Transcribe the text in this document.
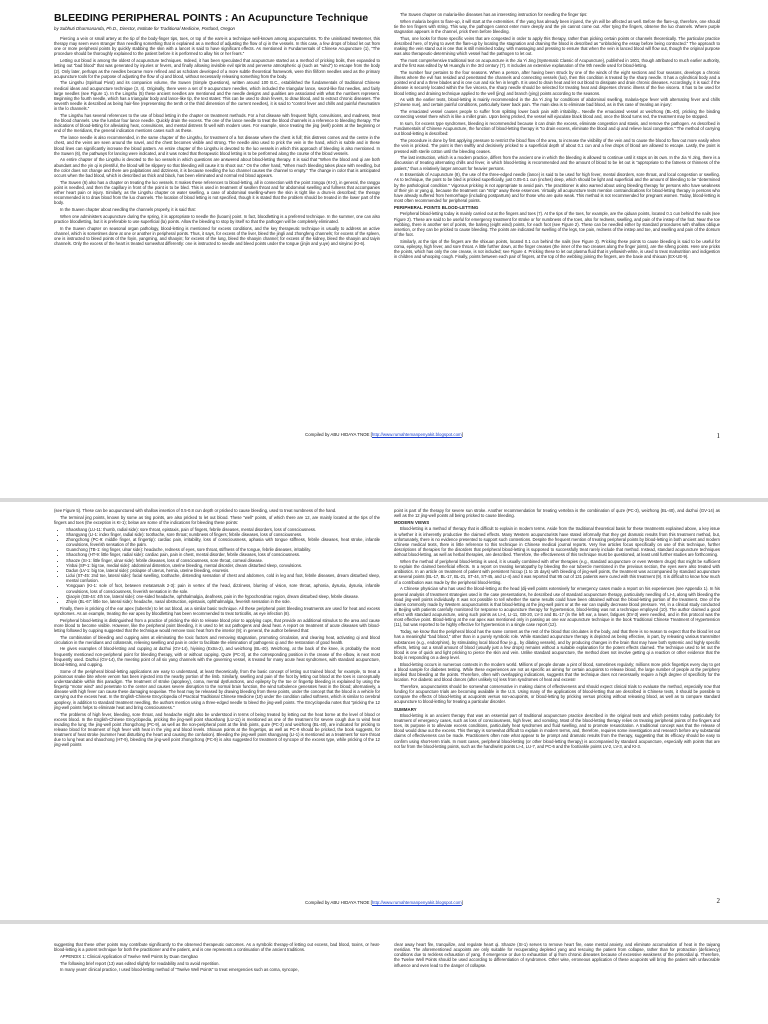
BLEEDING PERIPHERAL POINTS : An Acupuncture Technique
by Subhuti Dharmananda, Ph.D., Director, Institute for Traditional Medicine, Portland, Oregon

Piercing a vein or small artery at the tip of the body-finger tips, toes, or top of the ears-is a technique well-known among acupuncturists. To the uninitiated Westerner, this therapy may seem even stranger than needling something that is explained as a method of adjusting the flow of qi in the vessels. In this case, a few drops of blood let out from one or more peripheral points by quickly stabbing the skin with a lancet is said to have significant effects. As mentioned in Fundamentals of Chinese Acupuncture (1), "The procedure should be thoroughly explained to the patient before it is performed to allay his or her fears."

Letting out blood is among the oldest of acupuncture techniques. Indeed, it has been speculated that acupuncture started as a method of pricking boils, then expanded to letting out "bad blood" that was generated by injuries or fevers, and finally allowing invisible evil spirits and perverse atmospheric qi (such as "wind") to escape from the body (2). Only later, perhaps as the needles became more refined and as scholars developed of a more subtle theoretical framework, were thin filiform needles used as the primary acupuncture tools for the purpose of adjusting the flow of qi and blood, without necessarily releasing something from the body.

The Lingshu (Spiritual Pivot) and its companion volume, the Suwen (Simple Questions), written around 100 B.C., established the fundamentals of traditional Chinese medical ideas and acupuncture technique (3, 4). Originally, there were a set of 9 acupuncture needles, which included the triangular lance, sword-like flat needles, and fairly large needles (see Figure 1). In the Lingshu (5) these ancient needles are mentioned and the needle designs and qualities are associated with what the numbers represent. Beginning the fourth needle, which has a triangular body and lance-like tip, the text states: This can be used to drain fevers, to draw blood, and to extract chronic diseases. The seventh needle is described as being hair-fine (representing the tenth or the third dimension of the current needles), it is said to "control fever and chills and painful rheumatism in the lo channels."

The Lingshu has several references to the use of blood letting in the chapter on treatment methods. For a hot disease with frequent fright, convulsions, and madness, treat the blood channels. Use the lumbar four lance needle. Quickly drain the excess. The one of the lance needle to treat the blood channels is a reference to bleeding therapy. The indications of blood-letting for alleviating heat, convulsions, and mental distress fit well with modern uses. For example, since treating the jing (well) points at the beginning or end of the meridians, the general indication mentions cases such as these.

The lance needle is also recommended, in the same chapter of the Lingshu, for treatment of a hot disease where the chest is full; this distress comes and the centre in the chest, and the veins are seen around the navel, and the chest becomes visible and strong. The needle also used to prick the vein in the hand, which is subtle and in these blood lines can significantly increase the blood pattern. An entire chapter of the Lingshu is devoted to the luo vessels in which this approach of bleeding is also mentioned. In the Suwen (6), the pathways for lancing were indicated, and it was noted that therapeutic blood letting is to be performed along the course of the blood vessels.

An entire chapter of the Lingshu is devoted to the luo vessels in which questions are answered about blood-letting therapy. It is said that "When the blood and qi are both abundant and the yin qi is plentiful, the blood will be slippery so that bleeding will cause it to shoot out." On the other hand, "When much bleeding takes place with needling, but the color does not change and there are palpitations and dizziness, it is because needling the luo channel causes the channel to empty." The change in color that is anticipated occurs when the bad blood, which is described as thick and black, has been eliminated and normal red blood appears.

The Suwen (6) also has a chapter on treating the luo vessels. It makes these references to blood-letting, all in connection with the point zongqu (KI-2), in general, the ranggu point is needled, and then the capillary in front of the point is to be bled. This is used in treatment of swollen throat and for abdominal swelling and fullness that accompanies either heart pain or injury. Similarly, as the Lingshu chapter on water swelling, a case of abdominal swelling-where the skin is tight like a drum-is described; the therapy recommended is to draw blood from the luo channels. The location of blood letting is not specified, though it is stated that the problem should be treated in the lower part of the body.

In the Suwen chapter about needling the channels properly, it is said that:

When one administers acupuncture during the spring, it is appropriate to needle the (luoam) point. In fact, bloodletting is a preferred technique. In the summer, one can also practice bloodletting, but it is preferable to use superficial (la) points. Allow the bleeding to stop by itself so that the pathogen will be completely eliminated.

In the Suwen chapter on seasonal organ pathology, blood-letting is mentioned for excess conditions, and the key therapeutic technique is usually to address an active channel, which is sometimes done at one or another in peripheral points. Thus, it says, for excess of the liver, bleed the jingli and zhongfeng channels; for excess of the spleen, one is instructed to bleed points of the foyin, yangming, and shaoyin; for excess of the lung, bleed the shaoyin channel; for excess of the kidney, bleed the shaoyin and taiyin channels. Only the excess of the heart is treated somewhat differently: one is instructed to needle and bleed points under the tongue (jinjin and yuye) and sinyinxi (KI-6).

The Suwen chapter on malaria-like diseases has an interesting instruction for needling the finger tips:

When malaria begins to flare-up, it will start at the extremities. If the yang has already been injured, the yin will be affected as well. Before the flare-up, therefore, one should tie the ten fingers with string. This way, the pathogen cannot enter more deeply and the yin cannot come out. After tying the fingers, observe the luo channels. Where purple stagnation appears in the channel, prick them before bleeding.

Thus, one looks for those specific veins that are congested in order to apply this therapy, rather than picking certain points or channels theoretically. The particular practice described here, of trying to avert the flare-up by locating the stagnation and draining the blood is described as "unblocking the essay before being contracted." The approach to making the vein stand out is one that is still mimicked today, with massaging and pressing to ensure that when the vein is lanced blood will flow out, though the original purpose was also therapeutic-determining which vessel had the pathogen to let out.

The most comprehensive traditional text on acupuncture is the Jia Yi Jing (Systematic Classic of Acupuncture), published in 1601, though attributed to much earlier authority, and the first was edited by Mi Huangfu in the 3rd century (7). It includes an extensive explanation of the 9th needle used for blood-letting.

The number four pertains to the four seasons. When a person, after having been struck by one of the winds of the eight sections and four seasons, develops a chronic illness where the evil has resided and penetrated the channels and connecting vessels (luo), then this condition is treated by the sharp needle. It has a cylindrical body and a pointed end and a three blades and is one cun and six fen in length. It is used to drain heat and let out blood to dissipate and drain chronic diseases. Accordingly, it is said: if the disease is securely located within the five viscera, the sharp needle should be selected for treating heat and disperses chronic illness of the five viscera. It has to be used for blood letting and draining technique applied to the well (jing) and branch (ying) points according to the seasons.

As with the earlier texts, blood-letting is mainly recommended in the Jia Yi Jing for conditions of abdominal swelling, malaria-type fever with alternating fever and chills (Chinese nue), and certain painful conditions, particularly lower back pain. The main idea is to eliminate bad blood, as in this case of treating an injury:

The emaciated vessel causes people to suffer from splitting lower back pain with irritability... Needle the emaciated vessel at weizhong (BL-40), pricking the binding connecting vessel there which is like a millet grain. Upon being pricked, the vessel will ejaculate black blood and, once the blood turns red, the treatment may be stopped.

In sum, for excess type syndromes, bleeding is recommended because it can drain the excess, eliminate congestion and stasis, and remove the pathogen. As described in Fundamentals of Chinese Acupuncture, the function of blood-letting therapy is "to drain excess, eliminate the blood and qi and relieve local congestion." The method of carrying out blood-letting is described:

The procedure is done by first applying pressure to restrict the blood flow of the area, to increase the visibility of the vein and to cause the blood to flow out more easily when the vein is pricked. The point is then swiftly and decisively pricked to a superficial depth of about 0.1 cun and a few drops of blood are allowed to escape. Lastly, the point is pressed with sterile cotton until the bleeding ceases.

The last instruction, which is a modern practice, differs from the ancient one in which the bleeding is allowed to continue until it stops on its own. In the Jia Yi Jing, there is a discussion of treating alternating chills and fever, in which blood-letting is recommended and the amount of blood to be let out is "appropriate to the fatness or thinness of the patient," thus a relatively larger amount for heavier persons.

In Essentials of Acupuncture (8), the use of the three-edged needle (lance) is said to be used for high fever, mental disorders, sore throat, and local congestion or swelling. As to technique, the point to be bled is pricked superficially, just 0.05-0.1 cun (inches) deep, which should be light and superficial and the amount of bleeding to be "determined by the pathological condition." Vigorous pricking is not appropriate to avoid pain. The practitioner is also warned about using bleeding therapy for persons who have weakness of their yin or yang qi, because the treatment can "strip" away these essences. Virtually all acupuncture texts mention contraindications for blood-letting therapy in persons who have already suffered from hemorrhage (including postpartum) and for those who are quite weak. This method is not recommended for pregnant women. Today, blood-letting is most often recommended for peripheral points.

PERIPHERAL POINTS BLOOD-LETTING

Peripheral blood-letting today is mainly carried out at the fingers and toes (7). At the tips of the toes, for example, are the qiduan points, located 0.1 cun behind the nails (see Figure 2). These are said to be useful for emergency treatment for stroke or for numbness of the toes, also for redness, swelling, and pain of the instep of the foot. Near the toe webbing, there is another set of points, the bafeng (eight wind) points, for each foot (see Figure 2). These can be needled either by standard procedures with shallow oblique insertion, or they can be pricked to cause bleeding. The points are indicated for swelling of the legs, toe pain, redness of the instep and toe, and swelling and pain of the dorsum of the foot.

Similarly, at the tips of the fingers are the shixuan points, located 0.1 cun behind the nails (see Figure 3). Pricking these points to cause bleeding is said to be useful for coma, epilepsy, high fever, and sore throat. A little further down, at the finger creases (the inner of the two creases along the finger joints), are the sifeng points. Here one pricks the points, which has only the one crease, is not included; see Figure 4. Pricking these to let out plasma fluid that is yellowish-white, is used to treat malnutrition and indigestion in children and whooping cough. Finally, points between each pair of fingers, at the top of the webbing joining the fingers, are the baxie and shixuan (EX-UE-9).

Compiled by ABU HIDAYA TNOE [http://www.rumahtemanpenyakit.blogspot.com]	1

(see Figure 5). These can be acupunctured with shallow insertion of 0.5-0.8 cun depth or pricked to cause bleeding, used to treat numbness of the hand.

The terminal jing points, known by some as ting points, are also pricked to let out blood. These "well" points, of which there are 12, are mainly located at the tips of the fingers and toes (the exception is KI-1); below are some of the indications for bleeding these points:

• Shaoshang (LU-11: thumb, radial side): sore throat, epistaxis, pain of fingers, febrile diseases, mental disorders, loss of consciousness.
• Shangyang (LI-1: index finger, radial side): toothache, sore throat; numbness of fingers; febrile diseases, loss of consciousness.
• Zhongchong (PC-9: middle finger, at fingertip): cardiac pain, irritability, loss of consciousness, aphasia with tongue stiffness, febrile diseases, heat stroke, infantile convulsions, feverish sensation of the palm.
• Guanchong (TB-1: ring finger, ulnar side): headache, redness of eyes, sore throat, stiffness of the tongue, febrile diseases, irritability.
• Shaochong (HT-9: little finger, radial side): cardiac pain, pain in chest, mental disorder, febrile diseases, loss of consciousness.
• Shaoze (SI-1: little finger, ulnar side): febrile diseases, loss of consciousness, sore throat, corneal disease.
• Yinbai (SP-1: big toe, medial side): abdominal distention, uterine bleeding, mental disorder, dream disturbed sleep, convulsions.
• Dadun (LV-1: big toe, lateral side): prolapse of uterus, hernia, uterine bleeding, enuresis.
• Lidui (ST-45: 2nd toe, lateral side): facial swelling, toothache, distending sensation of chest and abdomen, cold in leg and foot, febrile diseases, dream disturbed sleep, mental confusion.
• Yongquan (KI-1: sole of foot, between metatarsals 2-3): pain in vertex of the head, dizziness, blurring of vision, sore throat, aphonia, dysuria, dysuria, infantile convulsions, loss of consciousness, feverish sensation in the sole.
• Qiaoyin (GB-44: 4th toe, lateral side): one-sided headache, ophthalmalgia, deafness, pain in the hypochondriac region, dream disturbed sleep, febrile disease.
• Zhiyin (BL-67: little toe, lateral side): headache, nasal obstruction, epistaxis, ophthalmalgia, feverish sensation in the sole.

Finally, there is pricking of the ear apex (tubercle) to let out blood, as a similar basic technique. All these peripheral point bleeding treatments are used for heat and excess syndromes. As an example, treating the ear apex by bloodletting has been recommended to treat torticollis, as eye infection (8).

Peripheral blood-letting is distinguished from a practice of pricking the skin to release blood prior to applying cups, that provide an additional stimulus to the area and cause more blood to become visible. However, like the peripheral point bleeding, it is used to let out pathogens and dead heat. A report on treatment of acute diseases with blood-letting followed by cupping suggested that the technique would remove toxic heat from the interior (9); in general, the author believed that:

The combination of bleeding and cupping aims at eliminating the toxic factors and removing stagnation, promoting circulation, and clearing heat, activating qi and blood circulation in the meridians and collaterals, relieving swelling and pain in order to facilitate the elimination of pathogenic qi and the restoration of good health.

He gives examples of blood-letting and cupping at dazhui (GV-14), hiyining (Extra-2), and weizhong (BL-40). Weizhong, at the back of the knee, is probably the most frequently mentioned non-peripheral point for bleeding therapy, with or without cupping. Quze (PC-3), at the corresponding position in the crease of the elbow, is next most frequently used. Dazhui (GV-14), the meeting point of all six yang channels with the governing vessel, is treated for many acute heat syndromes, with standard acupuncture, blood-letting, and cupping.

Some of the peripheral blood-letting applications are easy to understand, at least theoretically, from the basic concept of letting out trained blood; for example, to treat a poisonous snake bite where venom has been injected into the nearby portion of the limb. Similarly, swelling and pain of the foot by letting out blood at the toes is conceptually understandable within this paradigm. The treatment of stroke (apoplexy), coma, mental dysfunctions, and epilepsy by the toe or fingertip bleeding is explained by using the fingertip "motor wind" and penetrate to the center and causes severe disruption to the normal brain function, the wind turbulence generates heat in the blood; alternatively, a disease with high fever can cause these damaging sequelae. The heat may be released by drawing bleeding from these points, under the concept that the blood is a vehicle for carrying out the excess heat. In the English-Chinese Encyclopedia of Practical Traditional Chinese Medicine (10) under the condition called softness, which is similar to cerebral apoplexy, in addition to standard treatment needling, the authors mention using a three-edged needle to bleed the jing-well points. The Encyclopedia notes that "pricking the 12 jing-well points helps to eliminate heat and bring consciousness."

The problems of high fever, bleeding, sore throat, and headache might also be understood in terms of being treated by letting out the heat borne at the level of blood or excess blood. In the English-Chinese Encyclopedia, pricking the jing-well point shaoshang (LU-11) is mentioned as one of the treatment for severe cough due to wind heat invading the lung; the jing-well point zhongchong (PC-9), as well as the non-peripheral point at the limb joints, quze (PC-3) and weizhong (BL-40), are indicated for pricking to release blood for treatment of high fever with heat in the ying and blood levels. Shixuan points at the fingertips, as well as PC-9 should be pricked, the book suggests, for treatment of heat stroke (summer heat disturbing the heart and causing the confusion). Bleeding the jing-well point shangyang (LI-1) is mentioned as a treatment for sore throat due to lung heat and shaochong (HT-9), bleeding the jing-well point zhongchong (PC-9) is also suggested for treatment of syncope of the excess type, while pricking of the 12 jing-well points

point is part of the therapy for severe sun stroke. Another recommendation for treating vertebra is the combination of quze (PC-3), weizhong (BL-40), and dazhui (GV-14) as well as the 12 jing-well points all being pricked to cause bleeding.

MODERN VIEWS

Blood-letting is a method of therapy that is difficult to explain in modern terms. Aside from the traditional theoretical basis for these treatments explained above, a key issue is whether it is inherently productive the claimed effects. Many Western acupuncturists have stated informally that they get dramatic results from this treatment method, but, unfortunately, there is no evidence presented to support such contentions. Despite the frequent mention of treating peripheral points by blood-letting in both ancient and modern Chinese medical texts, there is little reference to this technique in Chinese medical journal reports. Very few articles focus specifically on use of this technique, further descriptions of therapies for the disorders that peripheral blood-letting is supposed to successfully treat rarely include that method. Instead, standard acupuncture techniques without blood-letting, as well as herbal therapies, are described. Therefore, the effectiveness of this technique must be questioned, at least until further studies are forthcoming.

When the method of peripheral blood-letting is used, it is usually combined with other therapies (e.g., standard acupuncture or even Western drugs) that might be sufficient to explain the claimed beneficial effects. In a report on treating keratopathy by bleeding the ear tubercle mentioned in the previous section, the eyes were also treated with antibiotics. In an article on treatment of patient with persistent hiccup (1 to 15 days) with bleeding of jing-well points, the treatment was accompanied by standard acupuncture at several points (BL-17, BL-17, BL-21, ST-44, ST-45, and LI-4) and it was reported that 95 out of 131 patients were cured with this treatment (9). It is difficult to know how much of a contribution was made by the peripheral blood-letting.

A Chinese physician who has used the blood-letting at the head (dij-well points extensively for emergency cases made a report on his experiences (see Appendix 1). In his general analysis of treatment strategies used in the case presentations, he described use of standard acupuncture therapy, particularly needling of LI-4, along with bleeding the head jing-well points individually. It was not possible to tell whether the same results could have been obtained without the blood-letting portion of the treatment. One of the claims commonly made by Western acupuncturists is that blood-letting at the jing-well point or at the ear can rapidly decrease blood pressure. Yet, in a clinical study conducted in Beijing with patients carefully monitored for response to acupuncture therapy for hypertension, blood-letting was not a technique employed (10). The author claimed a good effect with standard acupuncture, using such points as LI-4, LI-11, GB-20, LV-3 and BL-17 (in the left ear, a lower, fatigues (EV-3) were needled, and in this protocol was the most effective point. Blood-letting at the ear apex was mentioned only in passing as one ear acupuncture technique in the book Traditional Chinese Treatment of Hypertension (11), but was reported to be highly effective for hypertension in a single case report (12).

Today, we know that the peripheral blood has the same content as the rest of the blood that circulates in the body, and that there is no reason to expect that the blood let out has a meaningful "bad blood," other than in a purely symbolic role. While standard acupuncture therapy is depicted as being effective, in part, by releasing various transmitter substances (e.g., endorphins), by stimulating local blood flow (e.g., by dilating vessels), and by producing changes in the brain that may have both systemic and highly specific effects, letting out a small amount of blood (usually just a few drops) remains without a suitable explanation for the potent effects claimed. The technique used to let out the blood is one of quick and light pricking to pierce the skin and vein. Unlike standard acupuncture, the method does not involve getting qi a reaction or other evidence that the body is responding on a deep level.

Blood-letting occurs in numerous contexts in the modern world. Millions of people donate a pint of blood, sometimes regularly; millions more prick fingertips every day to get a blood sample for diabetes testing. While these experiences are not as specific as aiming for certain acupoints to release blood, the large number of people at the periphery implied that bleeding at the points. Therefore, often with overlapping indications, suggests that the technique does not necessarily require a high degree of specificity for the location. For diabetic and blood donors (after unlikely to) less from syndromes of heat and excess!

Therefore, acupuncturists should be somewhat conservative in making claims of effectiveness and should expect clinical trials to evaluate the method, especially now that funding for acupuncture trials are becoming available in the U.S. Using many of the applications of blood-letting that are described in Chinese texts, it should be possible to compare the effects of blood-letting at acupoints versus non-acupoints, or blood-letting by pricking versus pricking without releasing blood, as well as to compare standard acupuncture to blood-letting for treating a particular disorder.

SUMMARY

Blood-letting is an ancient therapy that was an essential part of traditional acupuncture practice described in the original texts and which persists today, particularly for treatment of emergency cases, such as loss of consciousness, high fever, and vomiting. Most of the blood-letting therapy relies on treating peripheral points of the fingers and toes, its purpose is to alleviate excess conditions, particularly heat syndromes and fluid swelling, and to promote resuscitation. A traditional concept was that the release of blood would draw out the excess. This therapy is somewhat difficult to explain in modern terms, and, therefore, requires some investigation and research before any substantial claims of effectiveness can be made. Practitioners often note what appear to be prompt and dramatic results from the therapy, suggesting that its efficacy should be easy to confirm using short-term trials. In most cases, peripheral blood-letting (or other blood-letting therapy) is accompanied by standard acupuncture, especially with points that are not far from the blood-letting points, such as the hand/wrist points LI-4, LU-7, and PC-6 and the foot/ankle points LV-2, LV-3, and KI-3.

Compiled by ABU HIDAYA TNOE [http://www.rumahtemanpenyakit.blogspot.com]	2

suggesting that these other points may contribute significantly to the observed therapeutic outcomes. As a symbolic therapy-of letting out excess, bad blood, toxins, or heat-blood-letting is a potent technique for both the practitioner and the patient, and is one represents a continuation of the ancient traditions.

APPENDIX 1: Clinical Application of Twelve Well Points by Duan Gengbao

The following brief report (13) was edited slightly for readability and to avoid repetition.

In many years' clinical practice, I used blood-letting method of "Twelve Well Points" to treat emergencies such as coma, syncope,

clear away heart fire, tranquilize, and regulate heart qi. Shaoze (SI-1) serves to remove heart fire, ease mental anxiety, and eliminate accumulation of heat in the taiyang meridian. The aforementioned acupoints are only suitable for recuperating depleted yang and rescuing the patient from collapse, rather than for protraction (deficiency) conditions due to reckless exhaustion of yang. If emergence or due to exhaustion of qi from chronic diseases because of excessive weakness of the primordial qi. Therefore, the Twelve Well Points should be used according to differentiation of syndromes. Other wise, erroneous application of these acupoints will bring the patient with unfavorable influence and even lead to the danger of collapse.
